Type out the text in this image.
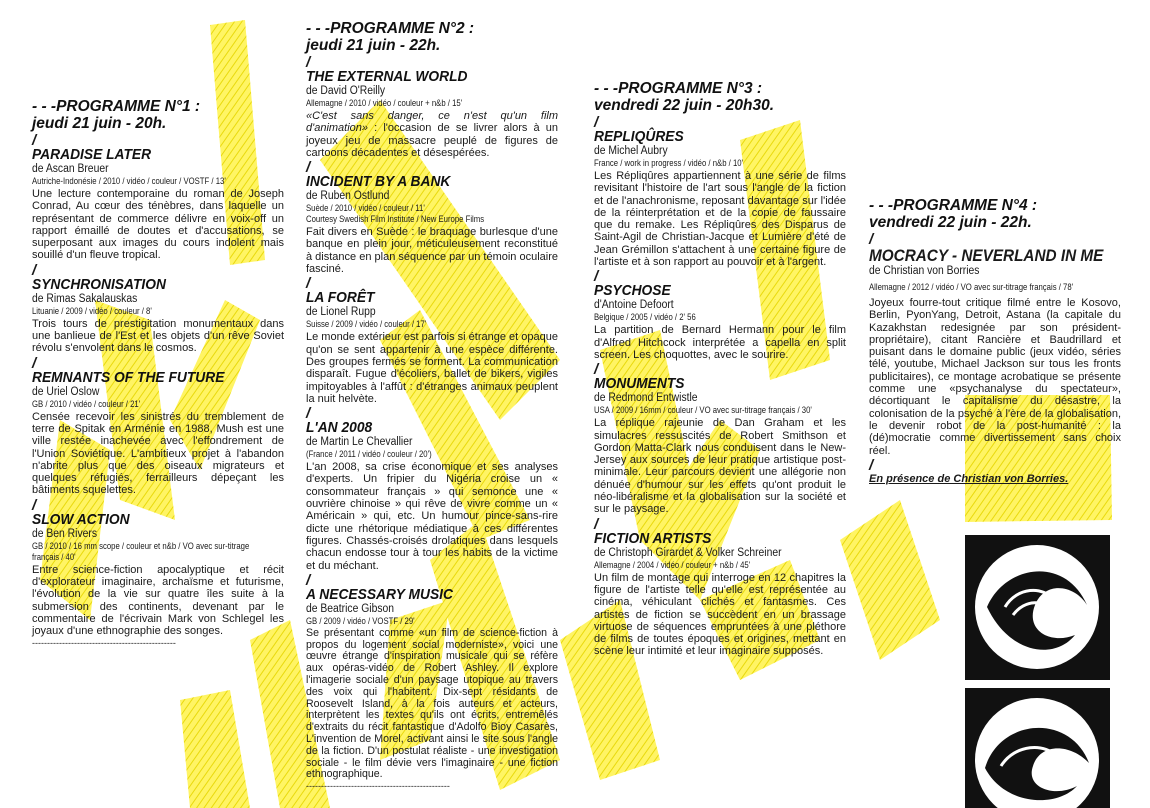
- - -PROGRAMME N°1 :
jeudi 21 juin - 20h.
/
PARADISE LATER
de Ascan Breuer
Autriche-Indonésie / 2010 / vidéo / couleur / VOSTF / 13'
Une lecture contemporaine du roman de Joseph Conrad, Au cœur des ténèbres, dans laquelle un représentant de commerce délivre en voix-off un rapport émaillé de doutes et d'accusations, se superposant aux images du cours indolent mais souillé d'un fleuve tropical.
/
SYNCHRONISATION
de Rimas Sakalauskas
Lituanie / 2009 / vidéo / couleur / 8'
Trois tours de prestigitation monumentaux dans une banlieue de l'Est et les objets d'un rêve Soviet révolu s'envolent dans le cosmos.
/
REMNANTS OF THE FUTURE
de Uriel Oslow
GB / 2010 / vidéo / couleur / 21'
Censée recevoir les sinistrés du tremblement de terre de Spitak en Arménie en 1988, Mush est une ville restée inachevée avec l'effondrement de l'Union Soviétique. L'ambitieux projet à l'abandon n'abrite plus que des oiseaux migrateurs et quelques réfugiés, ferrailleurs dépeçant les bâtiments squelettes.
/
SLOW ACTION
de Ben Rivers
GB / 2010 / 16 mm scope / couleur et n&b / VO avec sur-titrage
français / 40'
Entre science-fiction apocalyptique et récit d'explorateur imaginaire, archaïsme et futurisme, l'évolution de la vie sur quatre îles suite à la submersion des continents, devenant par le commentaire de l'écrivain Mark von Schlegel les joyaux d'une ethnographie des songes.
------------------------------------------------
- - -PROGRAMME N°2 :
jeudi 21 juin - 22h.
/
THE EXTERNAL WORLD
de David O'Reilly
Allemagne / 2010 / vidéo / couleur + n&b / 15'
«C'est sans danger, ce n'est qu'un film d'animation» : l'occasion de se livrer alors à un joyeux jeu de massacre peuplé de figures de cartoons décadentes et désespérées.
/
INCIDENT BY A BANK
de Ruben Östlund
Suède / 2010 / vidéo / couleur / 11'
Courtesy Swedish Film Institute / New Europe Films
Fait divers en Suède : le braquage burlesque d'une banque en plein jour, méticuleusement reconstitué à distance en plan séquence par un témoin oculaire fasciné.
/
LA FORÊT
de Lionel Rupp
Suisse / 2009 / vidéo / couleur / 17'
Le monde extérieur est parfois si étrange et opaque qu'on se sent appartenir à une espèce différente. Des groupes fermés se forment. La communication disparaît. Fugue d'écoliers, ballet de bikers, vigiles impitoyables à l'affût : d'étranges animaux peuplent la nuit helvète.
/
L'AN 2008
de Martin Le Chevallier
(France / 2011 / vidéo / couleur / 20')
L'an 2008, sa crise économique et ses analyses d'experts. Un fripier du Nigéria croise un « consommateur français » qui semonce une « ouvrière chinoise » qui rêve de vivre comme un « Américain » qui, etc. Un humour pince-sans-rire dicte une rhétorique médiatique à ces différentes figures. Chassés-croisés drolatiques dans lesquels chacun endosse tour à tour les habits de la victime et du méchant.
/
A NECESSARY MUSIC
de Beatrice Gibson
GB / 2009 / vidéo / VOSTF / 29'
Se présentant comme «un film de science-fiction à propos du logement social moderniste», voici une œuvre étrange d'inspiration musicale qui se réfère aux opéras-vidéo de Robert Ashley. Il explore l'imagerie sociale d'un paysage utopique au travers des voix qui l'habitent. Dix-sept résidants de Roosevelt Island, à la fois auteurs et acteurs, interprètent les textes qu'ils ont écrits, entremêlés d'extraits du récit fantastique d'Adolfo Bioy Casarès, L'invention de Morel, activant ainsi le site sous l'angle de la fiction. D'un postulat réaliste - une investigation sociale - le film dévie vers l'imaginaire - une fiction ethnographique.
------------------------------------------------
- - -PROGRAMME N°3 :
vendredi 22 juin - 20h30.
/
REPLIQÛRES
de Michel Aubry
France / work in progress / vidéo / n&b / 10'
Les Répliqûres appartiennent à une série de films revisitant l'histoire de l'art sous l'angle de la fiction et de l'anachronisme, reposant davantage sur l'idée de la réinterprétation et de la copie de faussaire que du remake. Les Répliqûres des Disparus de Saint-Agil de Christian-Jacque et Lumière d'été de Jean Grémillon s'attachent à une certaine figure de l'artiste et à son rapport au pouvoir et à l'argent.
/
PSYCHOSE
d'Antoine Defoort
Belgique / 2005 / vidéo / 2' 56
La partition de Bernard Hermann pour le film d'Alfred Hitchcock interprétée a capella en split screen. Les choquottes, avec le sourire.
/
MONUMENTS
de Redmond Entwistle
USA / 2009 / 16mm / couleur / VO avec sur-titrage français / 30'
La réplique rajeunie de Dan Graham et les simulacres ressuscités de Robert Smithson et Gordon Matta-Clark nous conduisent dans le New-Jersey aux sources de leur pratique artistique post-minimale. Leur parcours devient une allégorie non dénuée d'humour sur les effets qu'ont produit le néo-libéralisme et la globalisation sur la société et sur le paysage.
/
FICTION ARTISTS
de Christoph Girardet & Volker Schreiner
Allemagne / 2004 / vidéo / couleur + n&b / 45'
Un film de montage qui interroge en 12 chapitres la figure de l'artiste telle qu'elle est représentée au cinéma, véhiculant clichés et fantasmes. Ces artistes de fiction se succèdent en un brassage virtuose de séquences empruntées à une pléthore de films de toutes époques et origines, mettant en scène leur intimité et leur imaginaire supposés.
- - -PROGRAMME N°4 :
vendredi 22 juin - 22h.
/
MOCRACY - NEVERLAND IN ME
de Christian von Borries
Allemagne / 2012 / vidéo / VO avec sur-titrage français / 78'
Joyeux fourre-tout critique filmé entre le Kosovo, Berlin, PyonYang, Detroit, Astana (la capitale du Kazakhstan redesignée par son président-propriétaire), citant Rancière et Baudrillard et puisant dans le domaine public (jeux vidéo, séries télé, youtube, Michael Jackson sur tous les fronts publicitaires), ce montage acrobatique se présente comme une «psychanalyse du spectateur», décortiquant le capitalisme du désastre, la colonisation de la psyché à l'ère de la globalisation, le devenir robot de la post-humanité : la (dé)mocratie comme divertissement sans choix réel.
/
En présence de Christian von Borries.
